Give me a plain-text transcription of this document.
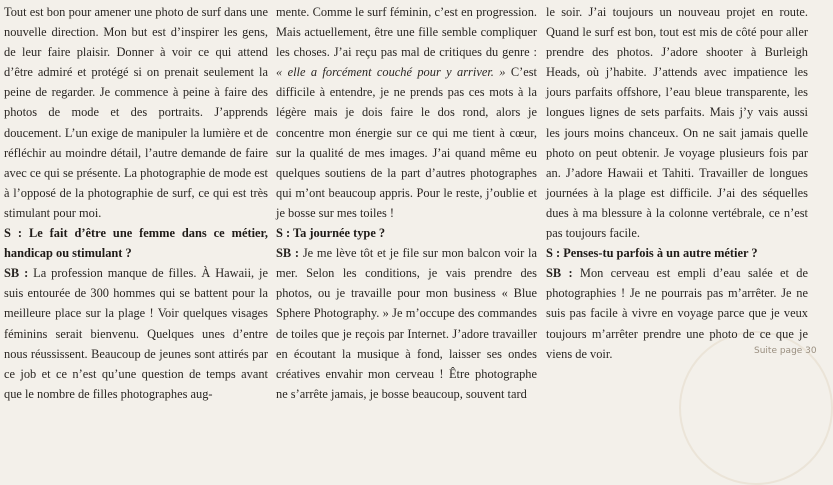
Tout est bon pour amener une photo de surf dans une nouvelle direction. Mon but est d’inspirer les gens, de leur faire plaisir. Donner à voir ce qui attend d’être admiré et protégé si on prenait seulement la peine de regarder. Je commence à peine à faire des photos de mode et des portraits. J’apprends doucement. L’un exige de manipuler la lumière et de réfléchir au moindre détail, l’autre demande de faire avec ce qui se présente. La photographie de mode est à l’opposé de la photographie de surf, ce qui est très stimulant pour moi.

S : Le fait d’être une femme dans ce métier, handicap ou stimulant ?

SB : La profession manque de filles. À Hawaii, je suis entourée de 300 hommes qui se battent pour la meilleure place sur la plage ! Voir quelques visages féminins serait bienvenu. Quelques unes d’entre nous réussissent. Beaucoup de jeunes sont attirés par ce job et ce n’est qu’une question de temps avant que le nombre de filles photographes aug-

mente. Comme le surf féminin, c’est en progression. Mais actuellement, être une fille semble compliquer les choses. J’ai reçu pas mal de critiques du genre : « elle a forcément couché pour y arriver. » C’est difficile à entendre, je ne prends pas ces mots à la légère mais je dois faire le dos rond, alors je concentre mon énergie sur ce qui me tient à cœur, sur la qualité de mes images. J’ai quand même eu quelques soutiens de la part d’autres photographes qui m’ont beaucoup appris. Pour le reste, j’oublie et je bosse sur mes toiles !

S : Ta journée type ?

SB : Je me lève tôt et je file sur mon balcon voir la mer. Selon les conditions, je vais prendre des photos, ou je travaille pour mon business « Blue Sphere Photography. » Je m’occupe des commandes de toiles que je reçois par Internet. J’adore travailler en écoutant la musique à fond, laisser ses ondes créatives envahir mon cerveau ! Être photographe ne s’arrête jamais, je bosse beaucoup, souvent tard

le soir. J’ai toujours un nouveau projet en route. Quand le surf est bon, tout est mis de côté pour aller prendre des photos. J’adore shooter à Burleigh Heads, où j’habite. J’attends avec impatience les jours parfaits offshore, l’eau bleue transparente, les longues lignes de sets parfaits. Mais j’y vais aussi les jours moins chanceux. On ne sait jamais quelle photo on peut obtenir. Je voyage plusieurs fois par an. J’adore Hawaii et Tahiti. Travailler de longues journées à la plage est difficile. J’ai des séquelles dues à ma blessure à la colonne vertébrale, ce n’est pas toujours facile.

S : Penses-tu parfois à un autre métier ?

SB : Mon cerveau est empli d’eau salée et de photographies ! Je ne pourrais pas m’arrêter. Je ne suis pas facile à vivre en voyage parce que je veux toujours m’arrêter prendre une photo de ce que je viens de voir.	Suite page 30
